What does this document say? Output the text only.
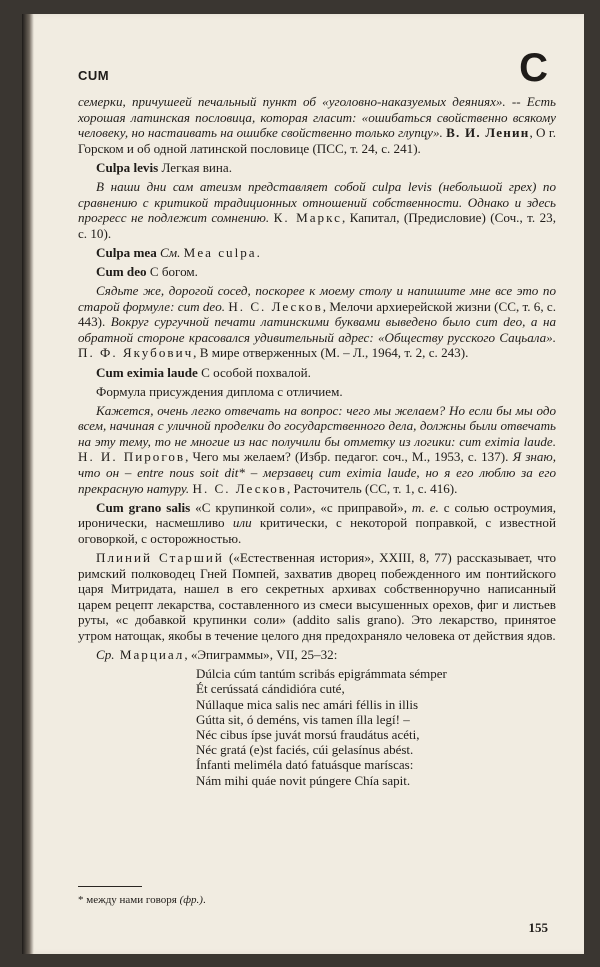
CUM	C

семерки, причушеей печальный пункт об «уголовно-наказуемых деяниях». -- Есть хорошая латинская пословица, которая гласит: «ошибаться свойственно всякому человеку, но настаивать на ошибке свойственно только глупцу». В. И. Ленин, О г. Горском и об одной латинской пословице (ПСС, т. 24, с. 241).

Culpa levis Легкая вина.

В наши дни сам атеизм представляет собой culpa levis (небольшой грех) по сравнению с критикой традиционных отношений собственности. Однако и здесь прогресс не подлежит сомнению. К. Маркс, Капитал, (Предисловие) (Соч., т. 23, с. 10).

Culpa mea См. Mea culpa.

Cum deo С богом.

Сядьте же, дорогой сосед, поскорее к моему столу и напишите мне все это по старой формуле: cum deo. Н. С. Лесков, Мелочи архиерейской жизни (СС, т. 6, с. 443). Вокруг сургучной печати латинскими буквами выведено было cum deo, а на обратной стороне красовался удивительный адрес: «Обществу русского Сацьала». П. Ф. Якубович, В мире отверженных (М. – Л., 1964, т. 2, с. 243).

Cum eximia laude С особой похвалой.

Формула присуждения диплома с отличием.

Кажется, очень легко отвечать на вопрос: чего мы желаем? Но если бы мы одо всем, начиная с уличной проделки до государственного дела, должны были отвечать на эту тему, то не многие из нас получили бы отметку из логики: cum eximia laude. Н. И. Пирогов, Чего мы желаем? (Избр. педагог. соч., М., 1953, с. 137). Я знаю, что он – entre nous soit dit* – мерзавец cum eximia laude, но я его люблю за его прекрасную натуру. Н. С. Лесков, Расточитель (СС, т. 1, с. 416).

Cum grano salis «С крупинкой соли», «с приправой», т. е. с солью остроумия, иронически, насмешливо или критически, с некоторой поправкой, с известной оговоркой, с осторожностью.

Плиний Старший («Естественная история», XXIII, 8, 77) рассказывает, что римский полководец Гней Помпей, захватив дворец побежденного им понтийского царя Митридата, нашел в его секретных архивах собственноручно написанный царем рецепт лекарства, составленного из смеси высушенных орехов, фиг и листьев руты, «с добавкой крупинки соли» (addito salis grano). Это лекарство, принятое утром натощак, якобы в течение целого дня предохраняло человека от действия ядов.

Ср. Марциал, «Эпиграммы», VII, 25–32:

Dúlcia cúm tantúm scribás epigrámmata sémper
Ét cerússatá cándidióra cuté,
Núllaque mica salis nec amári féllis in illis
Gútta sit, ó deméns, vis tamen ílla legí! –
Néc cibus ípse juvát morsú fraudátus acéti,
Néc gratá (e)st faciés, cúi gelasínus abést.
Ínfanti meliméla dató fatuásque maríscas:
Nám mihi quáe novit púngere Chía sapit.
* между нами говоря (фр.).
155
